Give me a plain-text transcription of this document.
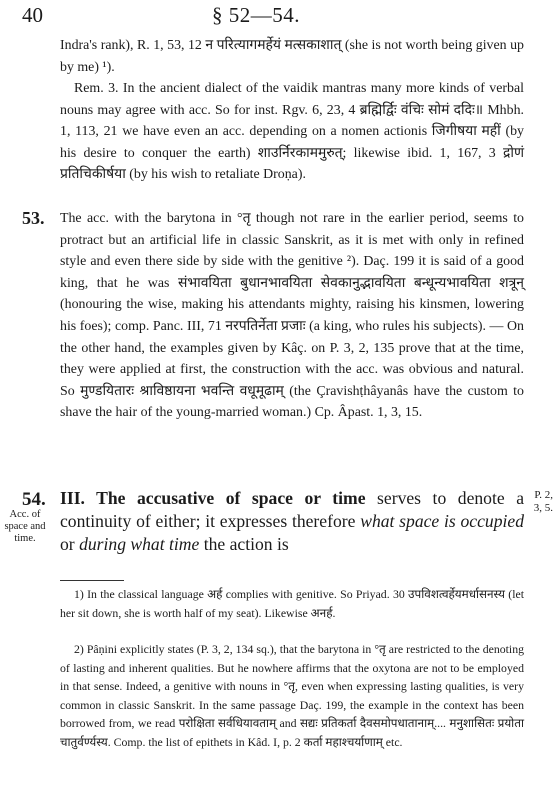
40	§ 52—54.
Indra's rank), R. 1, 53, 12 न परित्यागमर्हेयं मत्सकाशात् (she is not worth being given up by me) ¹).
Rem. 3. In the ancient dialect of the vaidik mantras many more kinds of verbal nouns may agree with acc. So for inst. Rgv. 6, 23, 4 ब्रह्मिर्द्विः वंचिः सोमं ददिः॥ Mhbh. 1, 113, 21 we have even an acc. depending on a nomen actionis जिगीषया महीं (by his desire to conquer the earth) शाउर्निरकाममुरुत्; likewise ibid. 1, 167, 3 द्रोणं प्रतिचिकीर्षया (by his wish to retaliate Droṇa).
53. The acc. with the barytona in °तृ though not rare in the earlier period, seems to protract but an artificial life in classic Sanskrit, as it is met with only in refined style and even there side by side with the genitive ²). Daç. 199 it is said of a good king, that he was संभावयिता बुधानभावयिता सेवकानुद्भावयिता बन्धून्यभावयिता शत्रून् (honouring the wise, making his attendants mighty, raising his kinsmen, lowering his foes); comp. Panc. III, 71 नरपतिर्नेता प्रजाः (a king, who rules his subjects). — On the other hand, the examples given by Kâç. on P. 3, 2, 135 prove that at the time, they were applied at first, the construction with the acc. was obvious and natural. So मुण्डयितारः श्राविष्ठायना भवन्ति वधूमूढाम् (the Çravishṭhâyanâs have the custom to shave the hair of the young-married woman.) Cp. Âpast. 1, 3, 15.
54.
Acc. of space and time.
P. 2, 3, 5.
III. The accusative of space or time serves to denote a continuity of either; it expresses therefore what space is occupied or during what time the action is
1) In the classical language अर्ह complies with genitive. So Priyad. 30 उपविशत्वर्हेयमर्धासनस्य (let her sit down, she is worth half of my seat). Likewise अनर्ह.
2) Pâṇini explicitly states (P. 3, 2, 134 sq.), that the barytona in °तृ are restricted to the denoting of lasting and inherent qualities. But he nowhere affirms that the oxytona are not to be employed in that sense. Indeed, a genitive with nouns in °तृ, even when expressing lasting qualities, is very common in classic Sanskrit. In the same passage Daç. 199, the example in the context has been borrowed from, we read परोक्षिता सर्वधियावताम् and सद्यः प्रतिकर्ता दैवसमोपधातानाम्.... मनुशासितः प्रयोता चातुर्वर्ण्यस्य. Comp. the list of epithets in Kâd. I, p. 2 कर्ता महाश्चर्याणाम् etc.
